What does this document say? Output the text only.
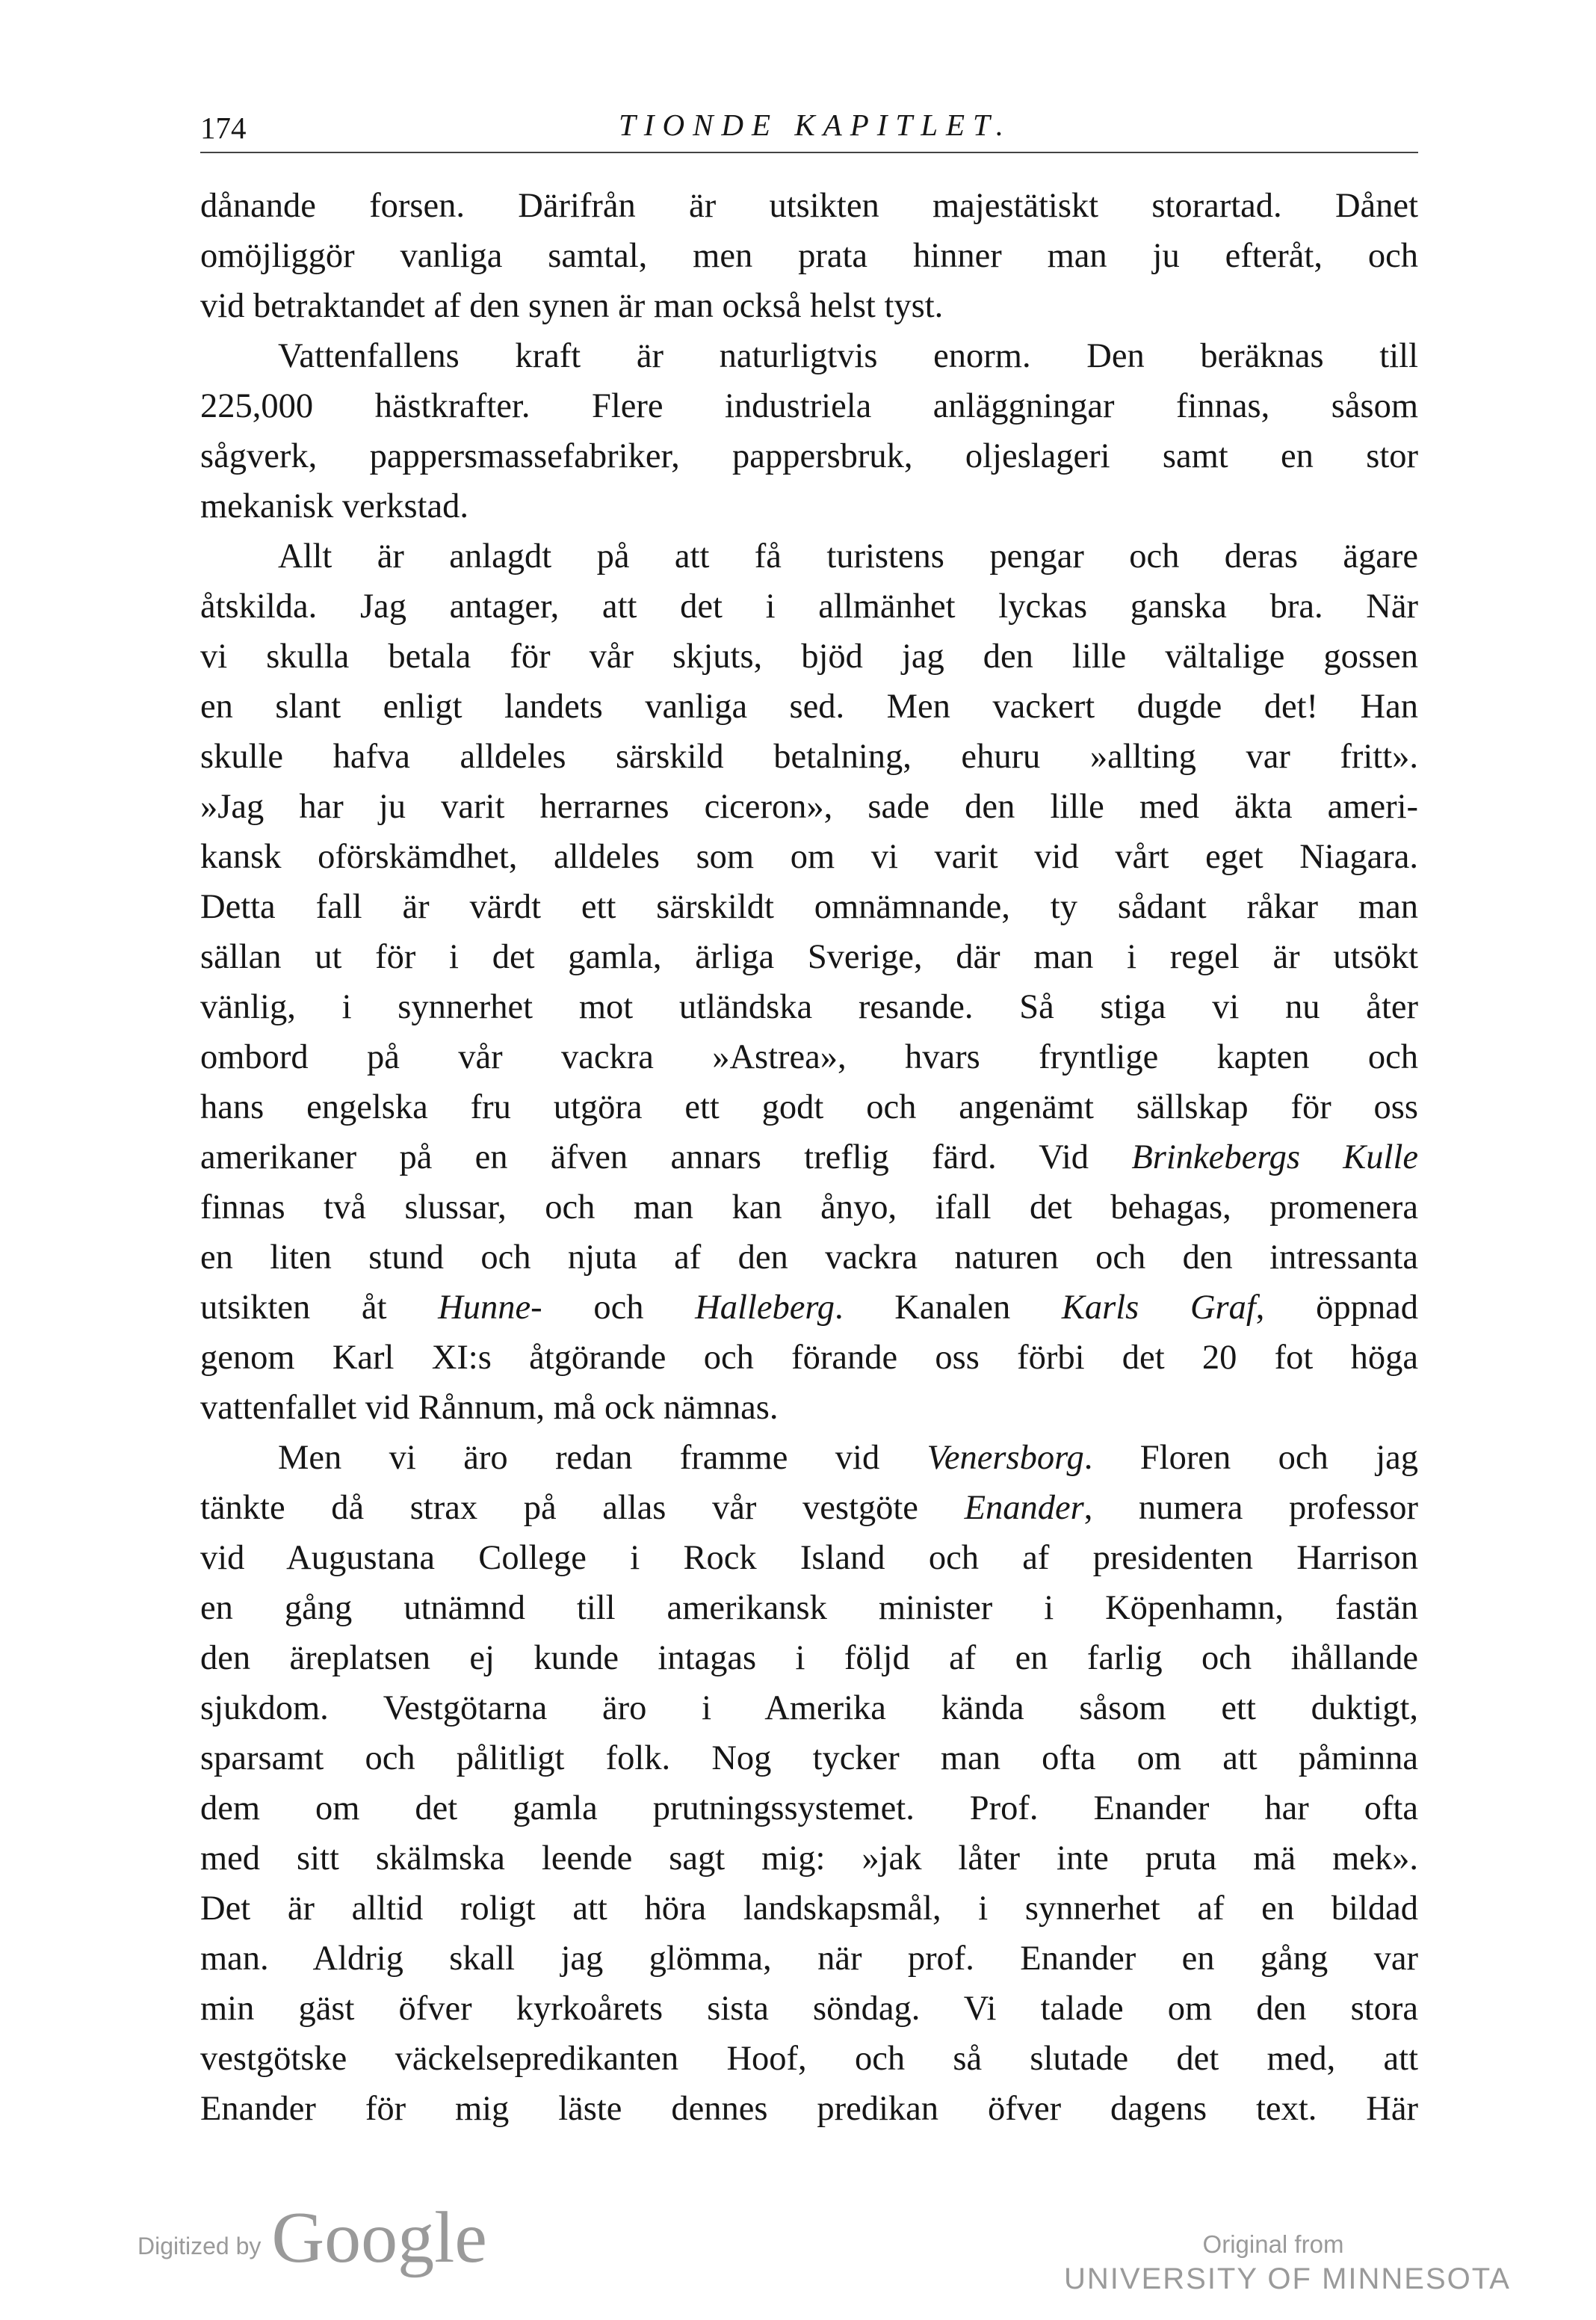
174	TIONDE KAPITLET.
dånande forsen. Därifrån är utsikten majestätiskt storartad. Dånet
omöjliggör vanliga samtal, men prata hinner man ju efteråt, och
vid betraktandet af den synen är man också helst tyst.
Vattenfallens kraft är naturligtvis enorm. Den beräknas till
225,000 hästkrafter. Flere industriela anläggningar finnas, såsom
sågverk, pappersmassefabriker, pappersbruk, oljeslageri samt en stor
mekanisk verkstad.
Allt är anlagdt på att få turistens pengar och deras ägare
åtskilda. Jag antager, att det i allmänhet lyckas ganska bra. När
vi skulla betala för vår skjuts, bjöd jag den lille vältalige gossen
en slant enligt landets vanliga sed. Men vackert dugde det! Han
skulle hafva alldeles särskild betalning, ehuru »allting var fritt».
»Jag har ju varit herrarnes ciceron», sade den lille med äkta ameri-
kansk oförskämdhet, alldeles som om vi varit vid vårt eget Niagara.
Detta fall är värdt ett särskildt omnämnande, ty sådant råkar man
sällan ut för i det gamla, ärliga Sverige, där man i regel är utsökt
vänlig, i synnerhet mot utländska resande. Så stiga vi nu åter
ombord på vår vackra »Astrea», hvars fryntlige kapten och
hans engelska fru utgöra ett godt och angenämt sällskap för oss
amerikaner på en äfven annars treflig färd. Vid Brinkebergs Kulle
finnas två slussar, och man kan ånyo, ifall det behagas, promenera
en liten stund och njuta af den vackra naturen och den intressanta
utsikten åt Hunne- och Halleberg. Kanalen Karls Graf, öppnad
genom Karl XI:s åtgörande och förande oss förbi det 20 fot höga
vattenfallet vid Rånnum, må ock nämnas.
Men vi äro redan framme vid Venersborg. Floren och jag
tänkte då strax på allas vår vestgöte Enander, numera professor
vid Augustana College i Rock Island och af presidenten Harrison
en gång utnämnd till amerikansk minister i Köpenhamn, fastän
den äreplatsen ej kunde intagas i följd af en farlig och ihållande
sjukdom. Vestgötarna äro i Amerika kända såsom ett duktigt,
sparsamt och pålitligt folk. Nog tycker man ofta om att påminna
dem om det gamla prutningssystemet. Prof. Enander har ofta
med sitt skälmska leende sagt mig: »jak låter inte pruta mä mek».
Det är alltid roligt att höra landskapsmål, i synnerhet af en bildad
man. Aldrig skall jag glömma, när prof. Enander en gång var
min gäst öfver kyrkoårets sista söndag. Vi talade om den stora
vestgötske väckelsepredikanten Hoof, och så slutade det med, att
Enander för mig läste dennes predikan öfver dagens text. Här
Digitized by Google	Original from
UNIVERSITY OF MINNESOTA
